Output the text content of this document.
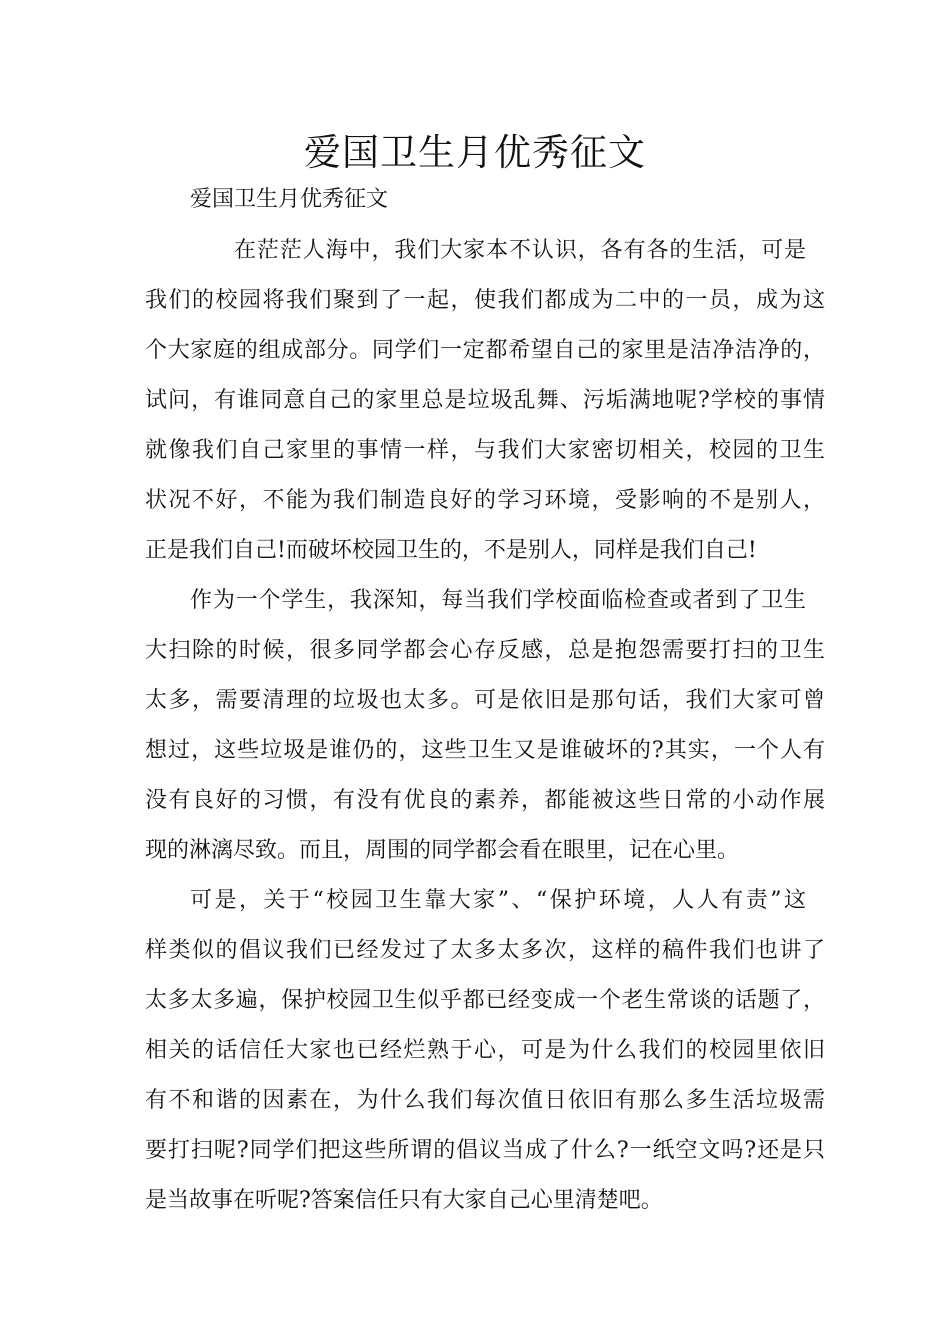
爱国卫生月优秀征文

爱国卫生月优秀征文

在茫茫人海中，我们大家本不认识，各有各的生活，可是
我们的校园将我们聚到了一起，使我们都成为二中的一员，成为这
个大家庭的组成部分。同学们一定都希望自己的家里是洁净洁净的，
试问，有谁同意自己的家里总是垃圾乱舞、污垢满地呢?学校的事情
就像我们自己家里的事情一样，与我们大家密切相关，校园的卫生
状况不好，不能为我们制造良好的学习环境，受影响的不是别人，
正是我们自己!而破坏校园卫生的，不是别人，同样是我们自己!
作为一个学生，我深知，每当我们学校面临检查或者到了卫生
大扫除的时候，很多同学都会心存反感，总是抱怨需要打扫的卫生
太多，需要清理的垃圾也太多。可是依旧是那句话，我们大家可曾
想过，这些垃圾是谁仍的，这些卫生又是谁破坏的?其实，一个人有
没有良好的习惯，有没有优良的素养，都能被这些日常的小动作展
现的淋漓尽致。而且，周围的同学都会看在眼里，记在心里。
可是，关于“校园卫生靠大家”、“保护环境，人人有责”这
样类似的倡议我们已经发过了太多太多次，这样的稿件我们也讲了
太多太多遍，保护校园卫生似乎都已经变成一个老生常谈的话题了，
相关的话信任大家也已经烂熟于心，可是为什么我们的校园里依旧
有不和谐的因素在，为什么我们每次值日依旧有那么多生活垃圾需
要打扫呢?同学们把这些所谓的倡议当成了什么?一纸空文吗?还是只
是当故事在听呢?答案信任只有大家自己心里清楚吧。
